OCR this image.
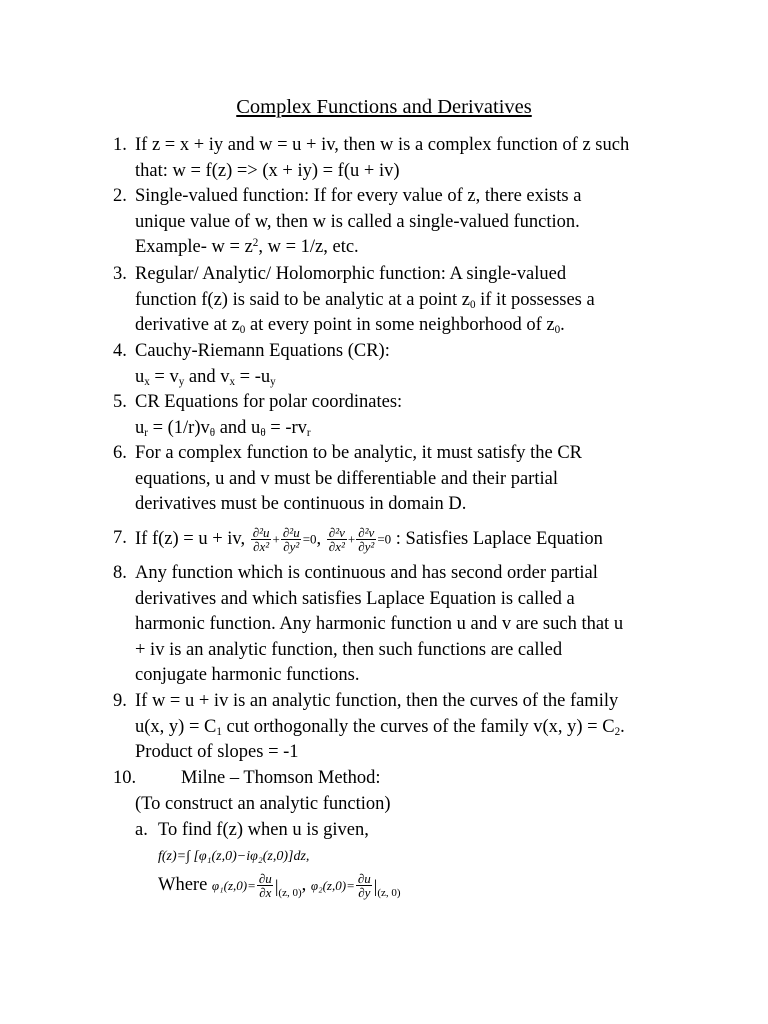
Complex Functions and Derivatives
1. If z = x + iy and w = u + iv, then w is a complex function of z such
that: w = f(z) => (x + iy) = f(u + iv)
2. Single-valued function: If for every value of z, there exists a
unique value of w, then w is called a single-valued function.
Example- $w = z^2$, w = 1/z, etc.
3. Regular/ Analytic/ Holomorphic function: A single-valued
function f(z) is said to be analytic at a point $z_0$ if it possesses a
derivative at $z_0$ at every point in some neighborhood of $z_0$.
4. Cauchy-Riemann Equations (CR):
$u_x = v_y$ and $v_x = -u_y$
5. CR Equations for polar coordinates:
$u_r = (1/r)v_\theta$ and $u_\theta = -rv_r$
6. For a complex function to be analytic, it must satisfy the CR
equations, u and v must be differentiable and their partial
derivatives must be continuous in domain D.
7. If f(z) = u + iv, $\frac{\text{∂²u}}{\text{∂x²}} + \frac{\text{∂²u}}{\text{∂y²}} =0$, $\frac{\text{∂²v}}{\text{∂x²}} + \frac{\text{∂²v}}{\text{∂y²}} =0$ : Satisfies Laplace Equation
8. Any function which is continuous and has second order partial
derivatives and which satisfies Laplace Equation is called a
harmonic function. Any harmonic function u and v are such that u
+ iv is an analytic function, then such functions are called
conjugate harmonic functions.
9. If w = u + iv is an analytic function, then the curves of the family
u(x, $y) = C_1$ cut orthogonally the curves of the family v(x, $y) = C_2$.
Product of slopes = -1
10. Milne – Thomson Method:
(To construct an analytic function)
a. To find f(z) when u is given,
f(z)=∫ [φ₁(z,0)−iφ₂(z,0)]dz,
Where $\varphi_1(z,0)= \frac{\partial u}{\partial x} |_{(z, 0)}$, $\varphi_2(z,0)= \frac{\partial u}{\partial y} |_{(z, 0)}$
